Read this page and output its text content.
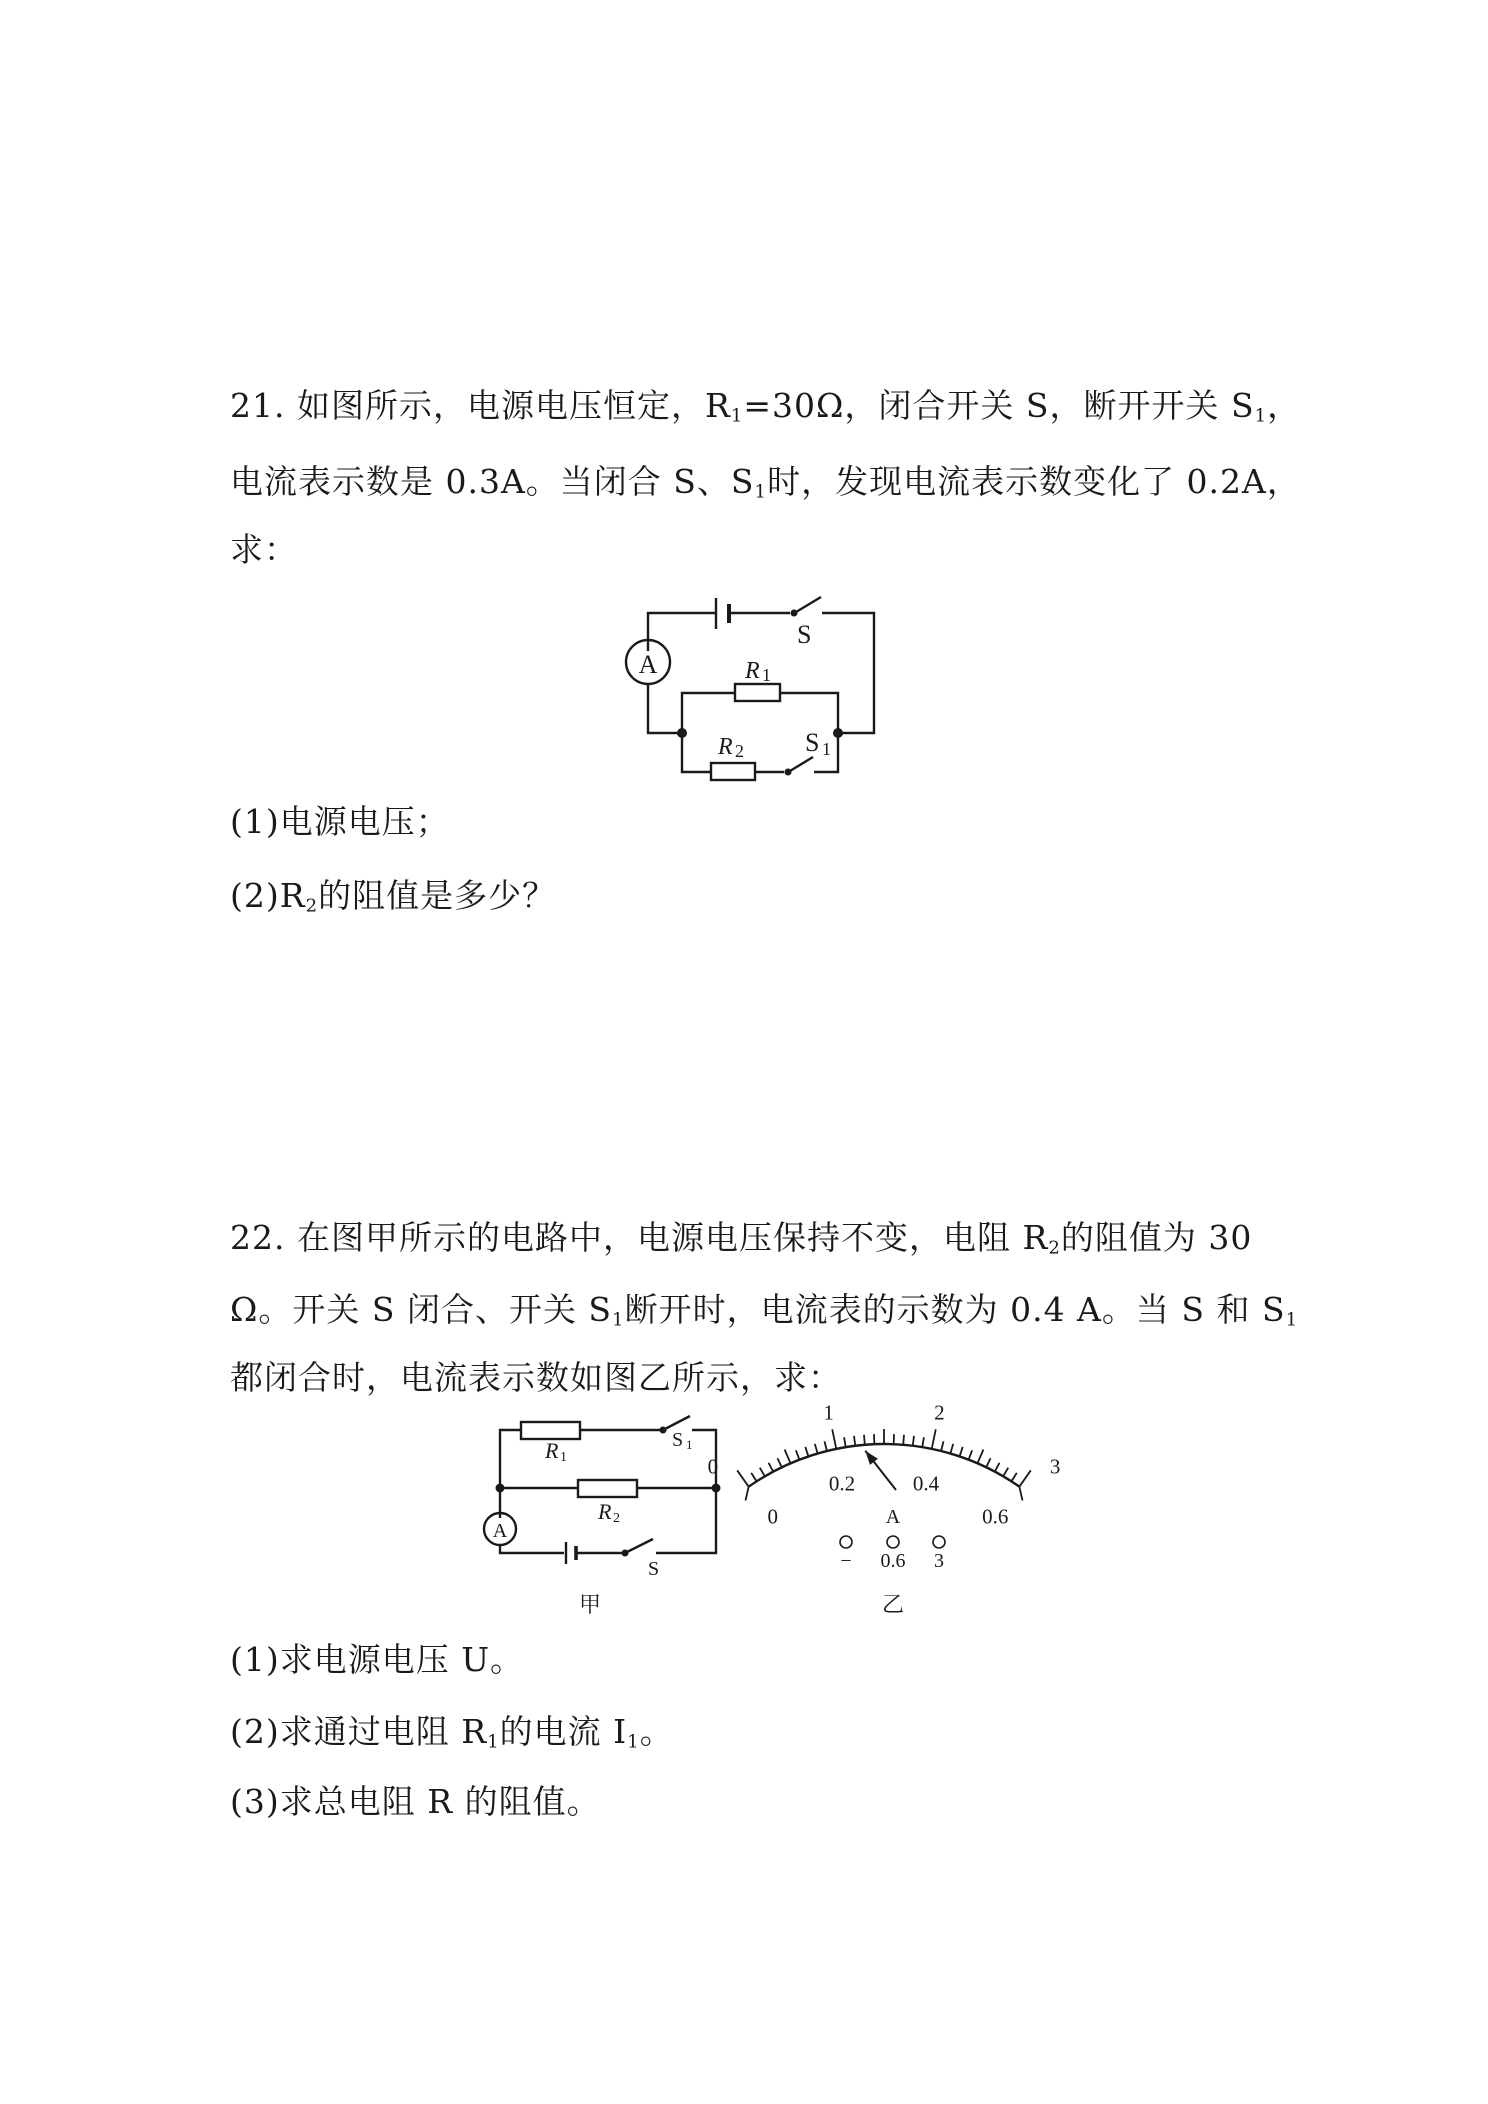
21. 如图所示，电源电压恒定，$R_1=30\Omega$，闭合开关 S，断开开关 $S_1$，
电流表示数是 0.3A。当闭合 S、$S_1$时，发现电流表示数变化了 0.2A，
求：
A	R 1
R 2
S
S 1
(1)电源电压；
$(2)R_2$的阻值是多少？
22. 在图甲所示的电路中，电源电压保持不变，电阻 $R_2$的阻值为 30
Ω。开关 S 闭合、开关 $S_1$断开时，电流表的示数为 0.4 A。当 S 和 $S_1$
都闭合时，电流表示数如图乙所示，求：
R 1
S 1
R 2
A
S
甲
0
1	2
3
0
0.2	0.4
0.6
A
− 0.6 3
乙
(1)求电源电压 U。
(2)求通过电阻 $R_1$的电流 $I_1$。
(3)求总电阻 R 的阻值。
